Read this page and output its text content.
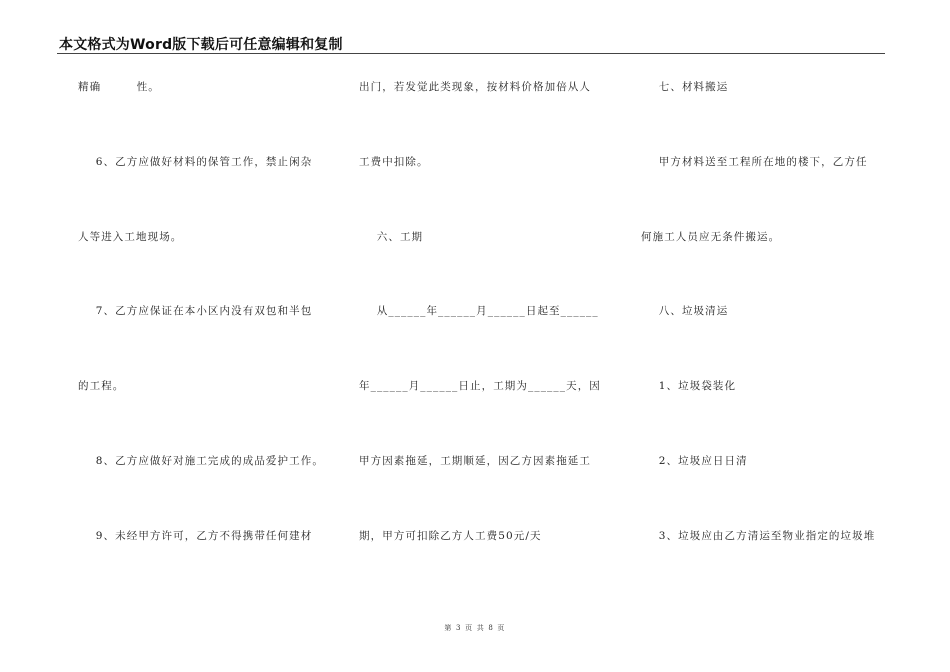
本文格式为Word版下载后可任意编辑和复制
精确        性。
6、乙方应做好材料的保管工作，禁止闲杂
人等进入工地现场。
7、乙方应保证在本小区内没有双包和半包
的工程。
8、乙方应做好对施工完成的成品爱护工作。
9、未经甲方许可，乙方不得携带任何建材
出门，若发觉此类现象，按材料价格加倍从人
工费中扣除。
六、工期
从______年______月______日起至______
年______月______日止，工期为______天，因
甲方因素拖延，工期顺延，因乙方因素拖延工
期，甲方可扣除乙方人工费50元/天
七、材料搬运
甲方材料送至工程所在地的楼下，乙方任
何施工人员应无条件搬运。
八、垃圾清运
1、垃圾袋装化
2、垃圾应日日清
3、垃圾应由乙方清运至物业指定的垃圾堆
第 3 页 共 8 页
